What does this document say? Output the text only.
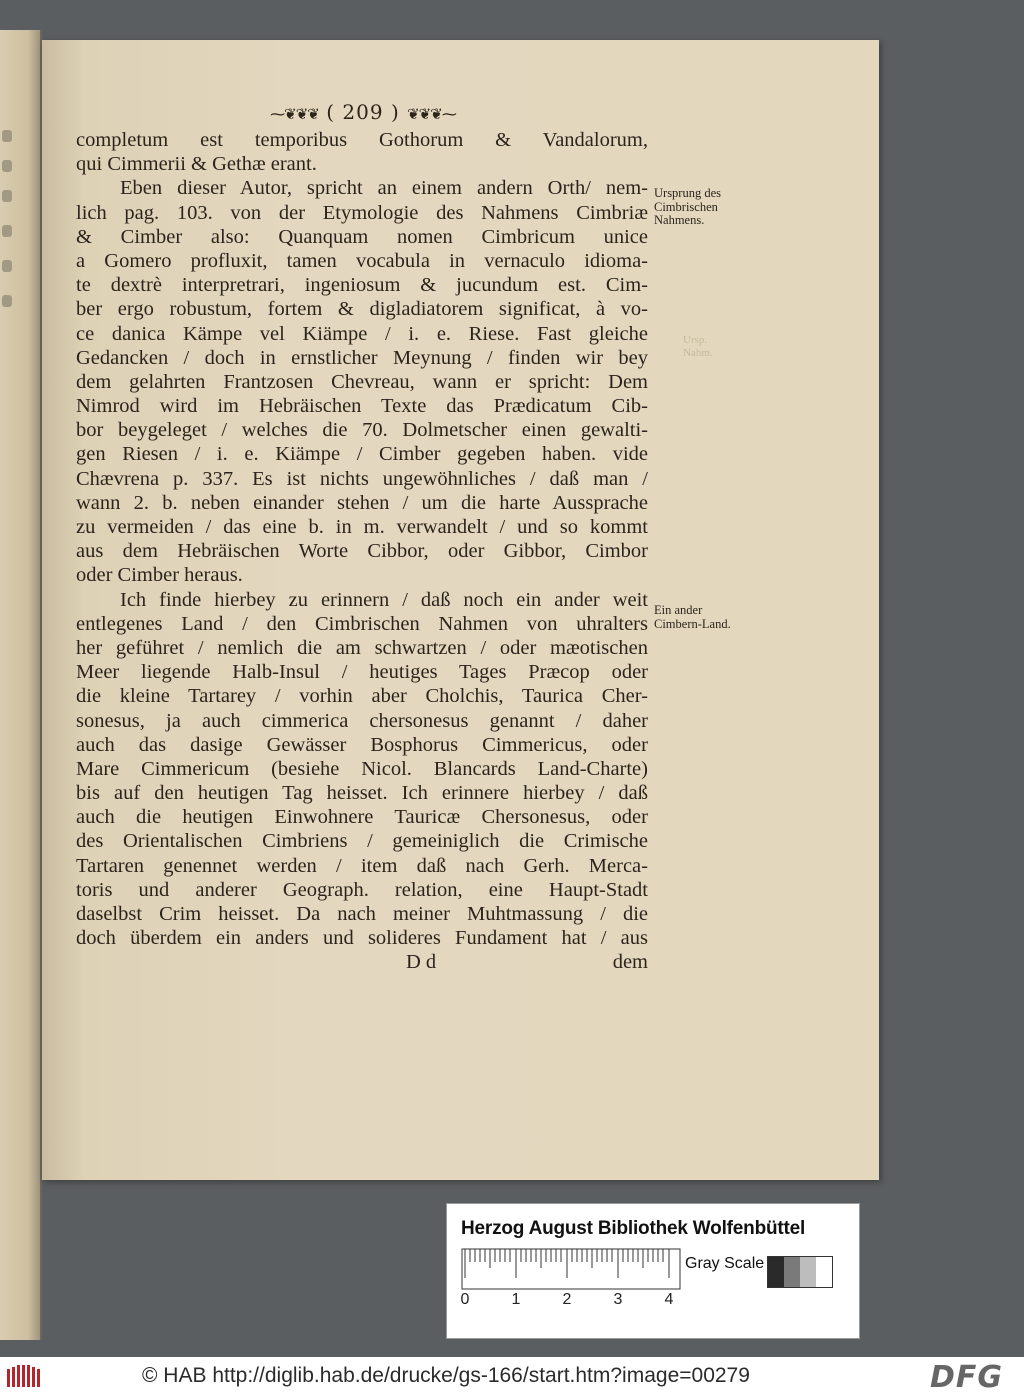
⁓❦❦❦ ( 209 ) ❦❦❦⁓
completum est temporibus Gothorum & Vandalorum,
qui Cimmerii & Gethæ erant.
Eben dieser Autor, spricht an einem andern Orth/ nem-
lich pag. 103. von der Etymologie des Nahmens Cimbriæ
& Cimber also: Quanquam nomen Cimbricum unice
a Gomero profluxit, tamen vocabula in vernaculo idioma-
te dextrè interpretrari, ingeniosum & jucundum est. Cim-
ber ergo robustum, fortem & digladiatorem significat, à vo-
ce danica Kämpe vel Kiämpe / i. e. Riese. Fast gleiche
Gedancken / doch in ernstlicher Meynung / finden wir bey
dem gelahrten Frantzosen Chevreau, wann er spricht: Dem
Nimrod wird im Hebräischen Texte das Prædicatum Cib-
bor beygeleget / welches die 70. Dolmetscher einen gewalti-
gen Riesen / i. e. Kiämpe / Cimber gegeben haben. vide
Chævrena p. 337. Es ist nichts ungewöhnliches / daß man /
wann 2. b. neben einander stehen / um die harte Aussprache
zu vermeiden / das eine b. in m. verwandelt / und so kommt
aus dem Hebräischen Worte Cibbor, oder Gibbor, Cimbor
oder Cimber heraus.
Ich finde hierbey zu erinnern / daß noch ein ander weit
entlegenes Land / den Cimbrischen Nahmen von uhralters
her geführet / nemlich die am schwartzen / oder mæotischen
Meer liegende Halb-Insul / heutiges Tages Præcop oder
die kleine Tartarey / vorhin aber Cholchis, Taurica Cher-
sonesus, ja auch cimmerica chersonesus genannt / daher
auch das dasige Gewässer Bosphorus Cimmericus, oder
Mare Cimmericum (besiehe Nicol. Blancards Land-Charte)
bis auf den heutigen Tag heisset. Ich erinnere hierbey / daß
auch die heutigen Einwohnere Tauricæ Chersonesus, oder
des Orientalischen Cimbriens / gemeiniglich die Crimische
Tartaren genennet werden / item daß nach Gerh. Merca-
toris und anderer Geograph. relation, eine Haupt-Stadt
daselbst Crim heisset. Da nach meiner Muhtmassung / die
doch überdem ein anders und solideres Fundament hat / aus
D d	dem
Ursprung des Cimbrischen Nahmens.
Ursp. Nahm.
Ein ander Cimbern-Land.
Herzog August Bibliothek Wolfenbüttel
0	1	2	3	4
Gray Scale
© HAB http://diglib.hab.de/drucke/gs-166/start.htm?image=00279	DFG
